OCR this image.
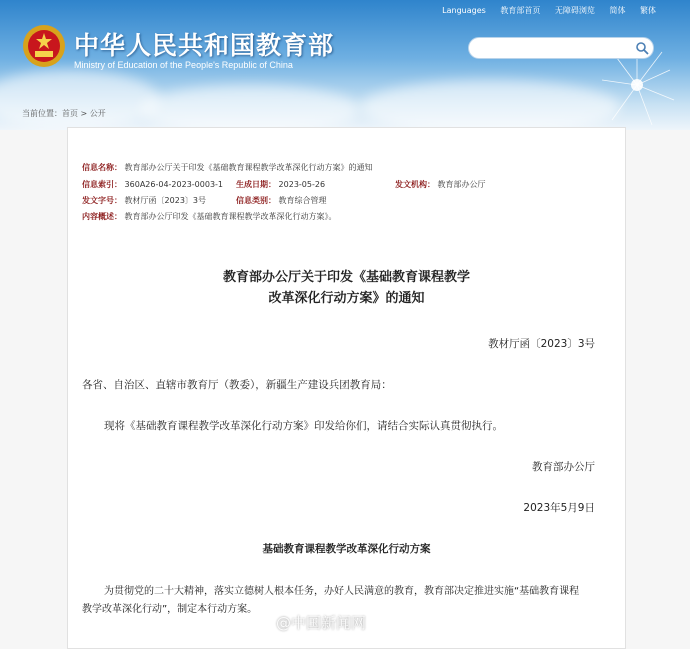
Languages 教育部首页 无障碍浏览 简体 繁体
中华人民共和国教育部
Ministry of Education of the People's Republic of China
当前位置：首页 > 公开
信息名称： 教育部办公厅关于印发《基础教育课程教学改革深化行动方案》的通知
信息索引： 360A26-04-2023-0003-1 生成日期： 2023-05-26	发文机构： 教育部办公厅
发文字号： 教材厅函〔2023〕3号	信息类别： 教育综合管理
内容概述： 教育部办公厅印发《基础教育课程教学改革深化行动方案》。
教育部办公厅关于印发《基础教育课程教学
改革深化行动方案》的通知
教材厅函〔2023〕3号
各省、自治区、直辖市教育厅（教委），新疆生产建设兵团教育局：
现将《基础教育课程教学改革深化行动方案》印发给你们，请结合实际认真贯彻执行。
教育部办公厅
2023年5月9日
基础教育课程教学改革深化行动方案
为贯彻党的二十大精神，落实立德树人根本任务，办好人民满意的教育，教育部决定推进实施“基础教育课程
教学改革深化行动”，制定本行动方案。
@中国新闻网
